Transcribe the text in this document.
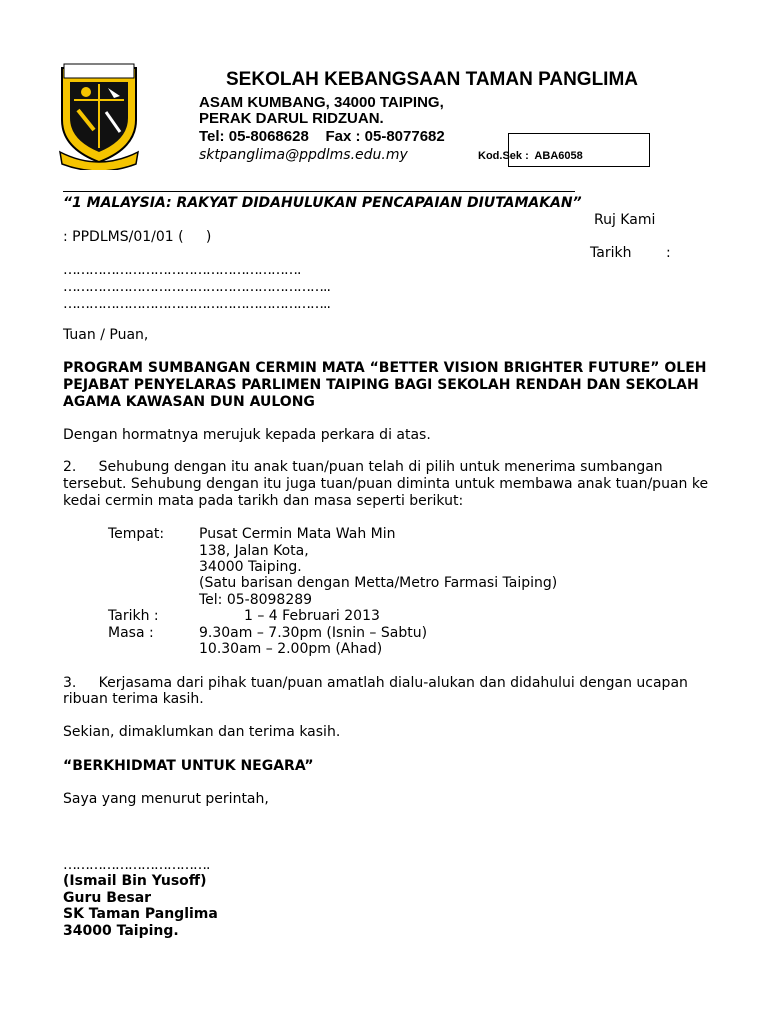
SEKOLAH KEBANGSAAN TAMAN PANGLIMA
ASAM KUMBANG, 34000 TAIPING,
PERAK DARUL RIDZUAN.
Tel: 05-8068628    Fax : 05-8077682
sktpanglima@ppdlms.edu.my	Kod.Sek :  ABA6058
“1 MALAYSIA: RAKYAT DIDAHULUKAN PENCAPAIAN DIUTAMAKAN”
Ruj Kami
: PPDLMS/01/01 (     )
Tarikh :
……………………………………………….
……………………………………………………..
……………………………………………………..
Tuan / Puan,
PROGRAM SUMBANGAN CERMIN MATA “BETTER VISION BRIGHTER FUTURE” OLEH
PEJABAT PENYELARAS PARLIMEN TAIPING BAGI SEKOLAH RENDAH DAN SEKOLAH
AGAMA KAWASAN DUN AULONG
Dengan hormatnya merujuk kepada perkara di atas.
2.     Sehubung dengan itu anak tuan/puan telah di pilih untuk menerima sumbangan
tersebut. Sehubung dengan itu juga tuan/puan diminta untuk membawa anak tuan/puan ke
kedai cermin mata pada tarikh dan masa seperti berikut:
Tempat: Pusat Cermin Mata Wah Min
138, Jalan Kota,
34000 Taiping.
(Satu barisan dengan Metta/Metro Farmasi Taiping)
Tel: 05-8098289
Tarikh :	1 – 4 Februari 2013
Masa :	9.30am – 7.30pm (Isnin – Sabtu)
10.30am – 2.00pm (Ahad)
3.     Kerjasama dari pihak tuan/puan amatlah dialu-alukan dan didahului dengan ucapan
ribuan terima kasih.
Sekian, dimaklumkan dan terima kasih.
“BERKHIDMAT UNTUK NEGARA”
Saya yang menurut perintah,
…………………………….
(Ismail Bin Yusoff)
Guru Besar
SK Taman Panglima
34000 Taiping.
